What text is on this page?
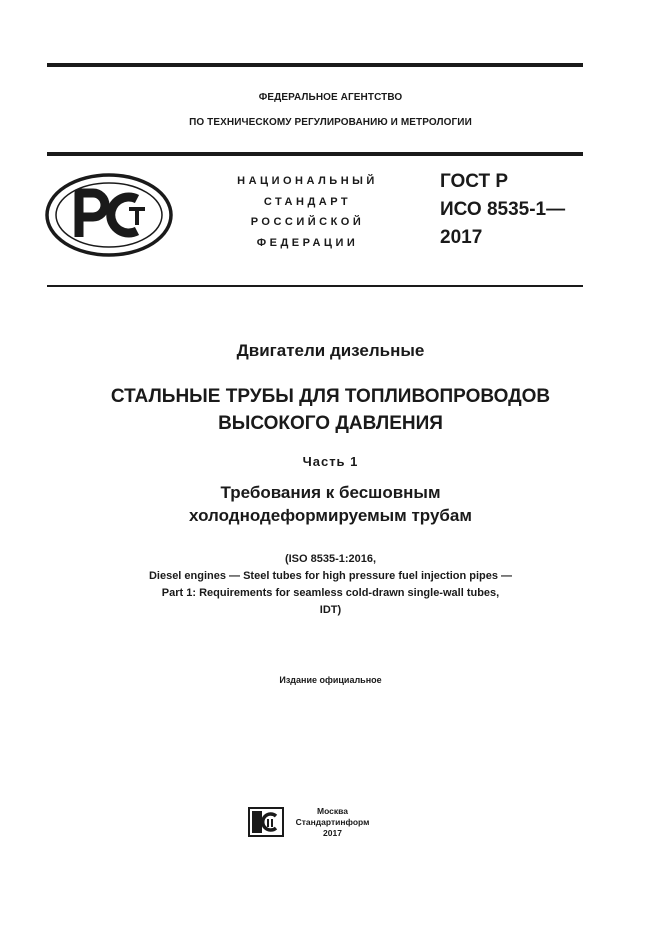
ФЕДЕРАЛЬНОЕ АГЕНТСТВО
ПО ТЕХНИЧЕСКОМУ РЕГУЛИРОВАНИЮ И МЕТРОЛОГИИ
НАЦИОНАЛЬНЫЙ
СТАНДАРТ
РОССИЙСКОЙ
ФЕДЕРАЦИИ
ГОСТ Р
ИСО 8535-1—
2017
Двигатели дизельные
СТАЛЬНЫЕ ТРУБЫ ДЛЯ ТОПЛИВОПРОВОДОВ
ВЫСОКОГО ДАВЛЕНИЯ
Часть 1
Требования к бесшовным
холоднодеформируемым трубам
(ISO 8535-1:2016,
Diesel engines — Steel tubes for high pressure fuel injection pipes —
Part 1: Requirements for seamless cold-drawn single-wall tubes,
IDT)
Издание официальное
Москва
Стандартинформ
2017
